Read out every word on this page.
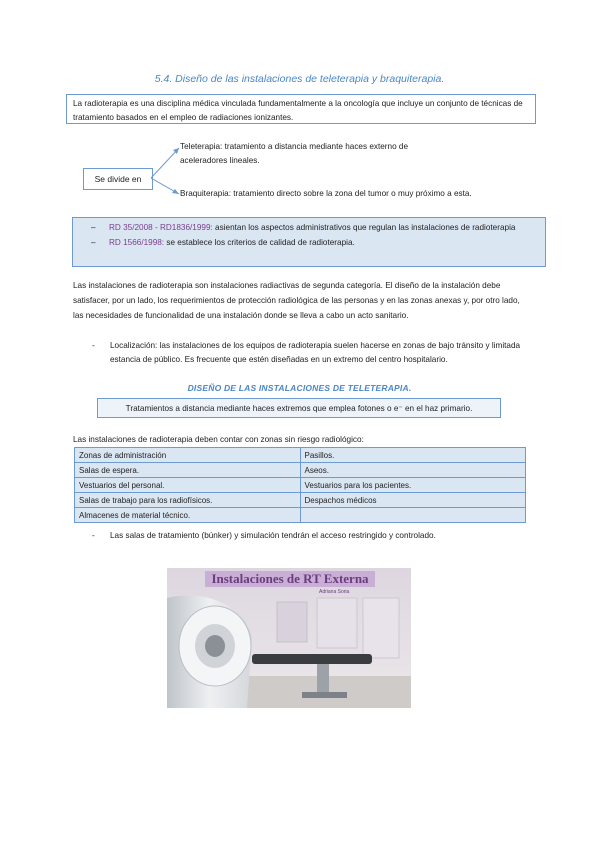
5.4. Diseño de las instalaciones de teleterapia y braquiterapia.
La radioterapia es una disciplina médica vinculada fundamentalmente a la oncología que incluye un conjunto de técnicas de tratamiento basados en el empleo de radiaciones ionizantes.
Se divide en
Teleterapia: tratamiento a distancia mediante haces externo de aceleradores lineales.
Braquiterapia: tratamiento directo sobre la zona del tumor o muy próximo a esta.
– RD 35/2008 - RD1836/1999: asientan los aspectos administrativos que regulan las instalaciones de radioterapia
– RD 1566/1998: se establece los criterios de calidad de radioterapia.
Las instalaciones de radioterapia son instalaciones radiactivas de segunda categoría. El diseño de la instalación debe satisfacer, por un lado, los requerimientos de protección radiológica de las personas y en las zonas anexas y, por otro lado, las necesidades de funcionalidad de una instalación donde se lleva a cabo un acto sanitario.
- Localización: las instalaciones de los equipos de radioterapia suelen hacerse en zonas de bajo tránsito y limitada estancia de público. Es frecuente que estén diseñadas en un extremo del centro hospitalario.
DISEÑO DE LAS INSTALACIONES DE TELETERAPIA.
Tratamientos a distancia mediante haces extremos que emplea fotones o e⁻ en el haz primario.
Las instalaciones de radioterapia deben contar con zonas sin riesgo radiológico:
Zonas de administración	Pasillos.
Salas de espera.	Aseos.
Vestuarios del personal.	Vestuarios para los pacientes.
Salas de trabajo para los radiofísicos.	Despachos médicos
Almacenes de material técnico.	
- Las salas de tratamiento (búnker) y simulación tendrán el acceso restringido y controlado.
Instalaciones de RT Externa
Adriana Soria
